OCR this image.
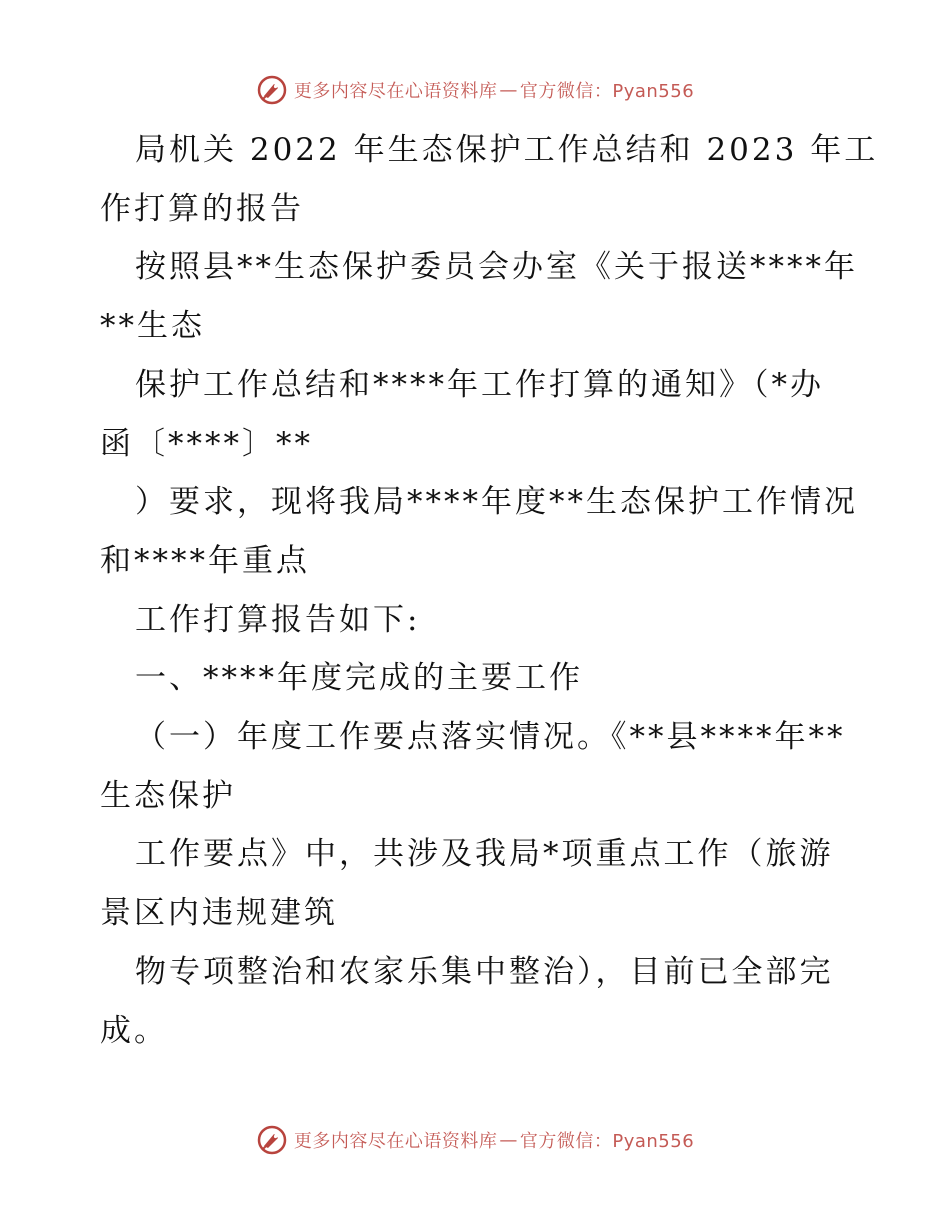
更多内容尽在心语资料库 — 官方微信：Pyan556

局机关 2022 年生态保护工作总结和 2023 年工
作打算的报告

按照县**生态保护委员会办室《关于报送****年
**生态

保护工作总结和****年工作打算的通知》（*办
函〔****〕**

）要求，现将我局****年度**生态保护工作情况
和****年重点

工作打算报告如下:

一、****年度完成的主要工作

（一）年度工作要点落实情况。《**县****年**
生态保护

工作要点》中，共涉及我局*项重点工作（旅游
景区内违规建筑

物专项整治和农家乐集中整治），目前已全部完
成。

更多内容尽在心语资料库 — 官方微信：Pyan556
